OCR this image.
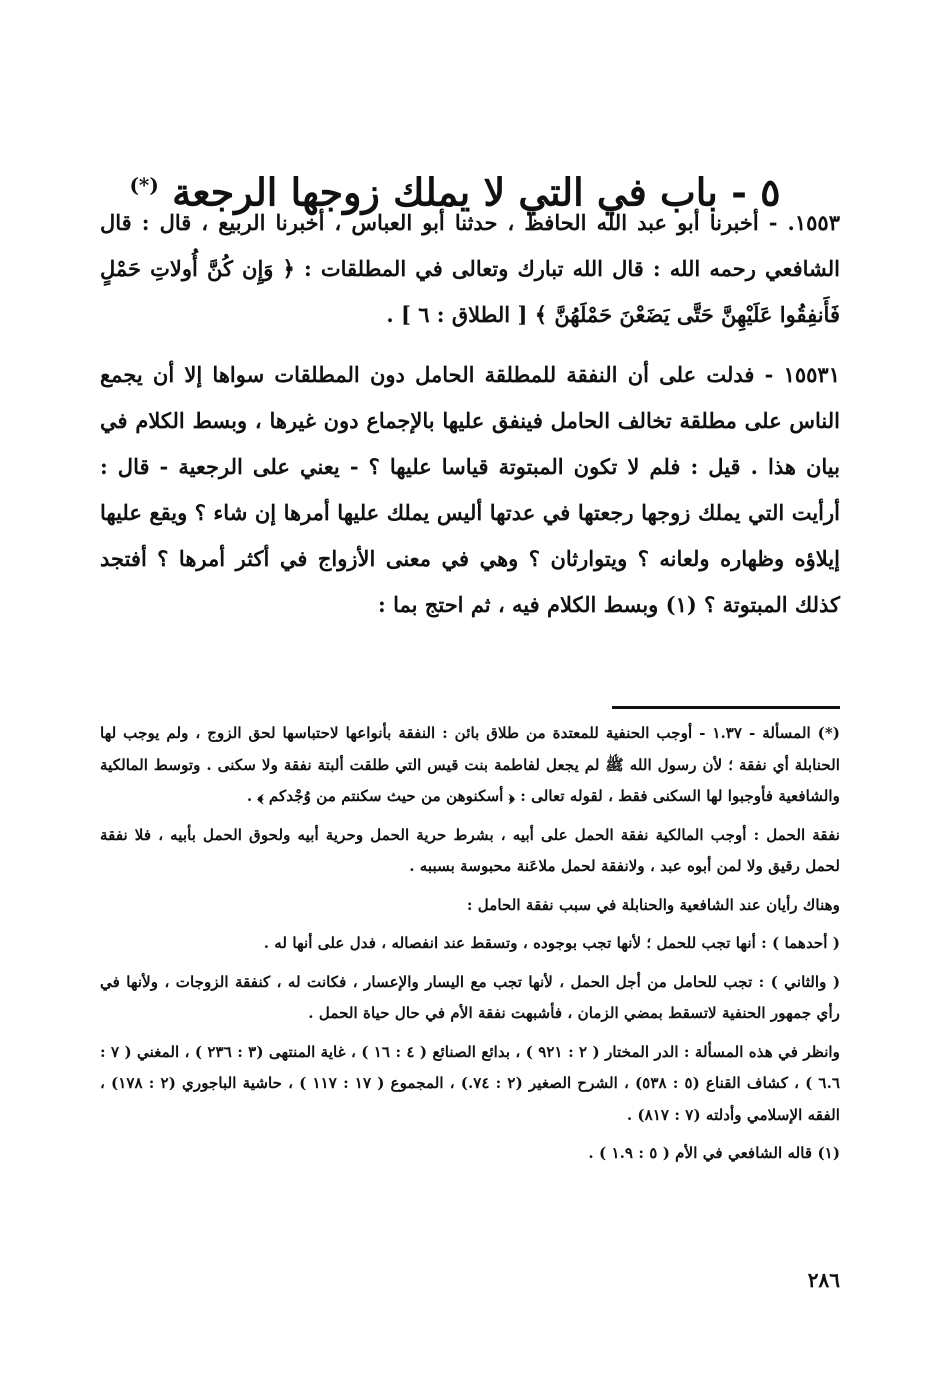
٥ - باب في التي لا يملك زوجها الرجعة (*)

١٥٥٣. - أخبرنا أبو عبد الله الحافظ ، حدثنا أبو العباس ، أخبرنا الربيع ، قال : قال الشافعي رحمه الله : قال الله تبارك وتعالى في المطلقات : ﴿ وَإِن كُنَّ أُولاتِ حَمْلٍ فَأَنفِقُوا عَلَيْهِنَّ حَتَّى يَضَعْنَ حَمْلَهُنَّ ﴾ [ الطلاق : ٦ ] .

١٥٥٣١ - فدلت على أن النفقة للمطلقة الحامل دون المطلقات سواها إلا أن يجمع الناس على مطلقة تخالف الحامل فينفق عليها بالإجماع دون غيرها ، وبسط الكلام في بيان هذا . قيل : فلم لا تكون المبتوتة قياسا عليها ؟ - يعني على الرجعية - قال : أرأيت التي يملك زوجها رجعتها في عدتها أليس يملك عليها أمرها إن شاء ؟ ويقع عليها إيلاؤه وظهاره ولعانه ؟ ويتوارثان ؟ وهي في معنى الأزواج في أكثر أمرها ؟ أفتجد كذلك المبتوتة ؟ (١) وبسط الكلام فيه ، ثم احتج بما :

(*) المسألة - ١.٣٧ - أوجب الحنفية للمعتدة من طلاق بائن : النفقة بأنواعها لاحتباسها لحق الزوج ، ولم يوجب لها الحنابلة أي نفقة ؛ لأن رسول الله ﷺ لم يجعل لفاطمة بنت قيس التي طلقت ألبتة نفقة ولا سكنى . وتوسط المالكية والشافعية فأوجبوا لها السكنى فقط ، لقوله تعالى : ﴿ أسكنوهن من حيث سكنتم من وُجْدكم ﴾ .

نفقة الحمل : أوجب المالكية نفقة الحمل على أبيه ، بشرط حرية الحمل وحرية أبيه ولحوق الحمل بأبيه ، فلا نفقة لحمل رقيق ولا لمن أبوه عبد ، ولانفقة لحمل ملاعَنة محبوسة بسببه .

وهناك رأيان عند الشافعية والحنابلة في سبب نفقة الحامل :

( أحدهما ) : أنها تجب للحمل ؛ لأنها تجب بوجوده ، وتسقط عند انفصاله ، فدل على أنها له .

( والثاني ) : تجب للحامل من أجل الحمل ، لأنها تجب مع اليسار والإعسار ، فكانت له ، كنفقة الزوجات ، ولأنها في رأي جمهور الحنفية لاتسقط بمضي الزمان ، فأشبهت نفقة الأم في حال حياة الحمل .

وانظر في هذه المسألة : الدر المختار ( ٢ : ٩٢١ ) ، بدائع الصنائع ( ٤ : ١٦ ) ، غاية المنتهى (٣ : ٢٣٦ ) ، المغني ( ٧ : ٦.٦ ) ، كشاف القناع (٥ : ٥٣٨) ، الشرح الصغير (٢ : ٧٤.) ، المجموع ( ١٧ : ١١٧ ) ، حاشية الباجوري (٢ : ١٧٨) ، الفقه الإسلامي وأدلته (٧ : ٨١٧) .

(١) قاله الشافعي في الأم ( ٥ : ١.٩ ) .

٢٨٦
